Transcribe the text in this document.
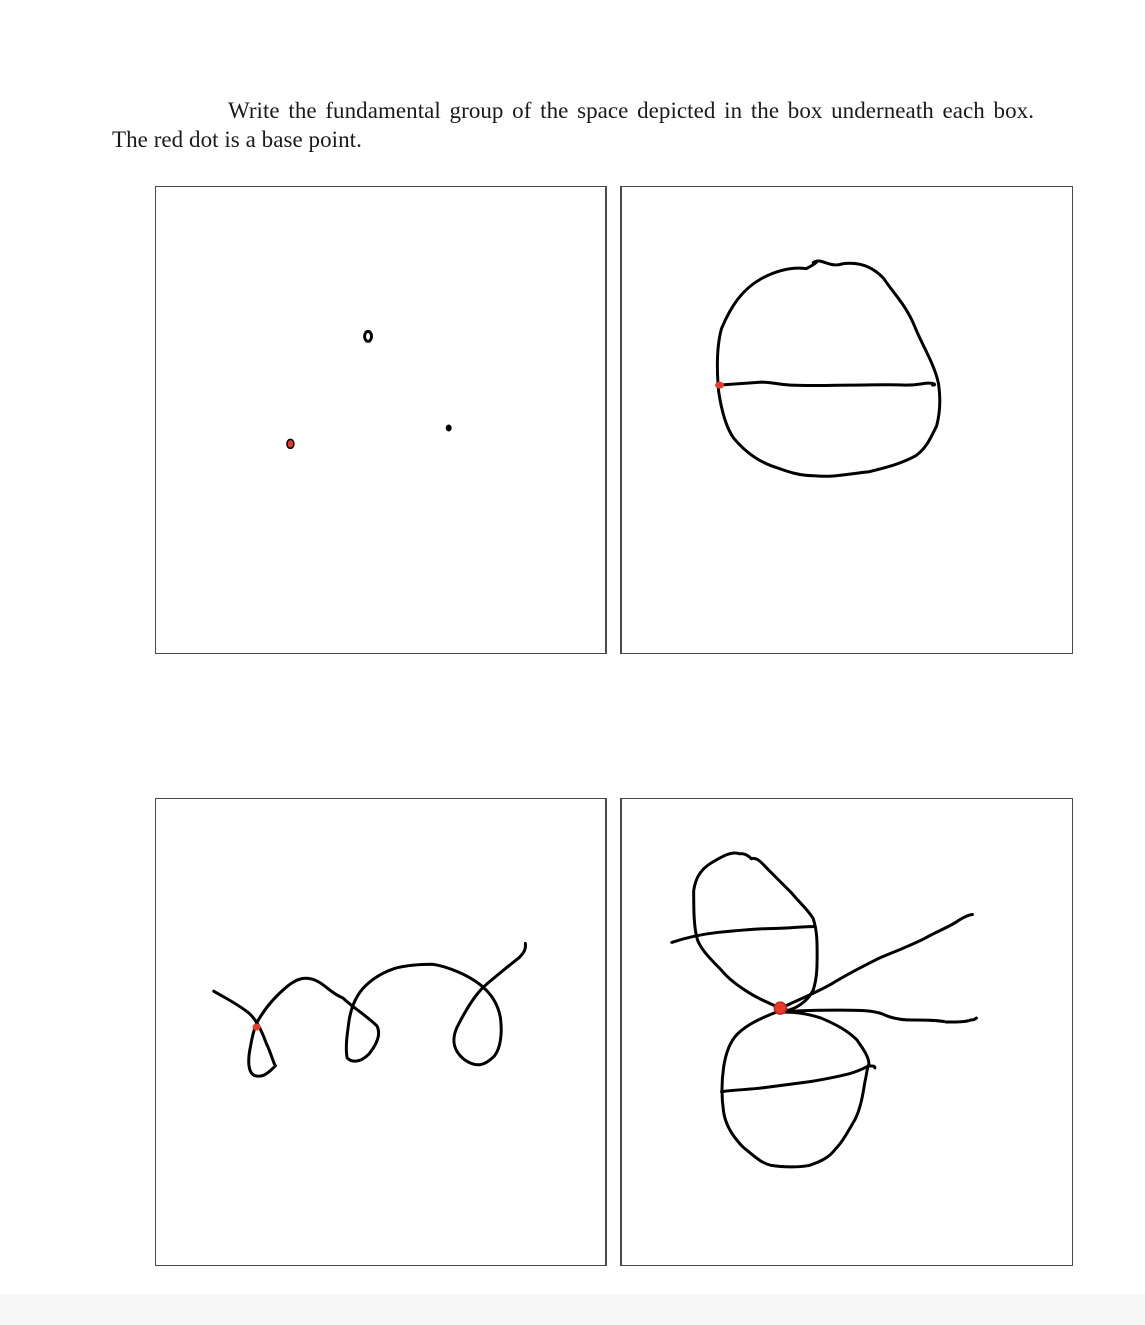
Write the fundamental group of the space depicted in the box underneath each box. The red dot is a base point.
